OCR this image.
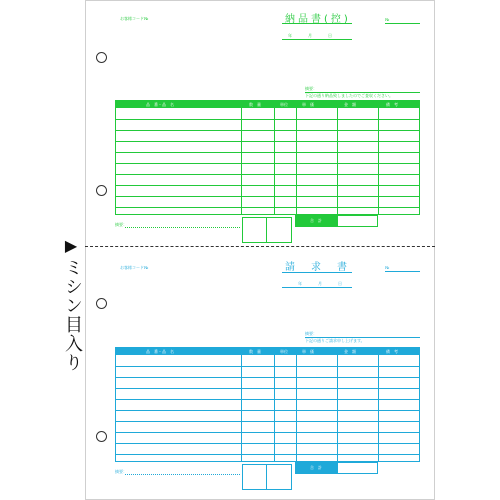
▶
ミシン目入り
お客様コード№	納品書(控)	№
年　月　日
摘要：
下記の通り納品致しましたのでご査収ください。
品　番・品　名	数　量	単位	単　価	金　額	備　考
合　計
摘要：
お客様コード№	請　求　書	№
年　月　日
摘要：
下記の通りご請求申し上げます。
品　番・品　名	数　量	単位	単　価	金　額	備　考
合　計
摘要：
